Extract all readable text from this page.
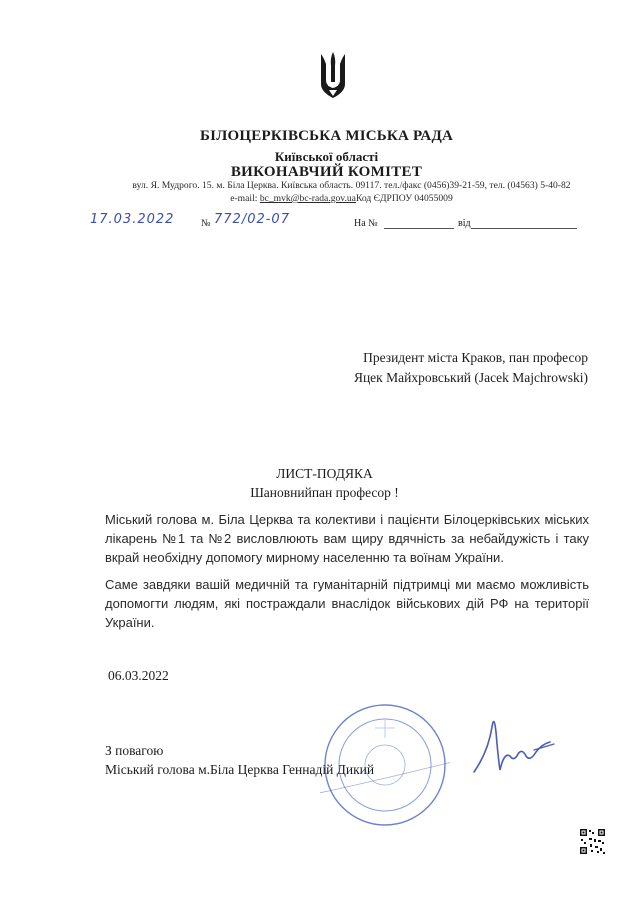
БІЛОЦЕРКІВСЬКА МІСЬКА РАДА
Київської області
ВИКОНАВЧИЙ КОМІТЕТ
вул. Я. Мудрого. 15. м. Біла Церква. Київська область. 09117. тел./факс (0456)39-21-59, тел. (04563) 5-40-82
e-mail: bc_mvk@bc-rada.gov.uaКод ЄДРПОУ 04055009
17.03.2022	№ 772/02-07	На №	від
Президент міста Краков, пан професор
Яцек Майхровський (Jacek Majchrowski)
ЛИСТ-ПОДЯКА
Шановнийпан професор !

Міський голова м. Біла Церква та колективи і пацієнти Білоцерківських міських лікарень №1 та №2 висловлюють вам щиру вдячність за небайдужість і таку вкрай необхідну допомогу мирному населенню та воїнам України.

Саме завдяки вашій медичній та гуманітарній підтримці ми маємо можливість допомогти людям, які постраждали внаслідок військових дій РФ на території України.

06.03.2022
З повагою
Міський голова м.Біла Церква Геннадій Дикий
